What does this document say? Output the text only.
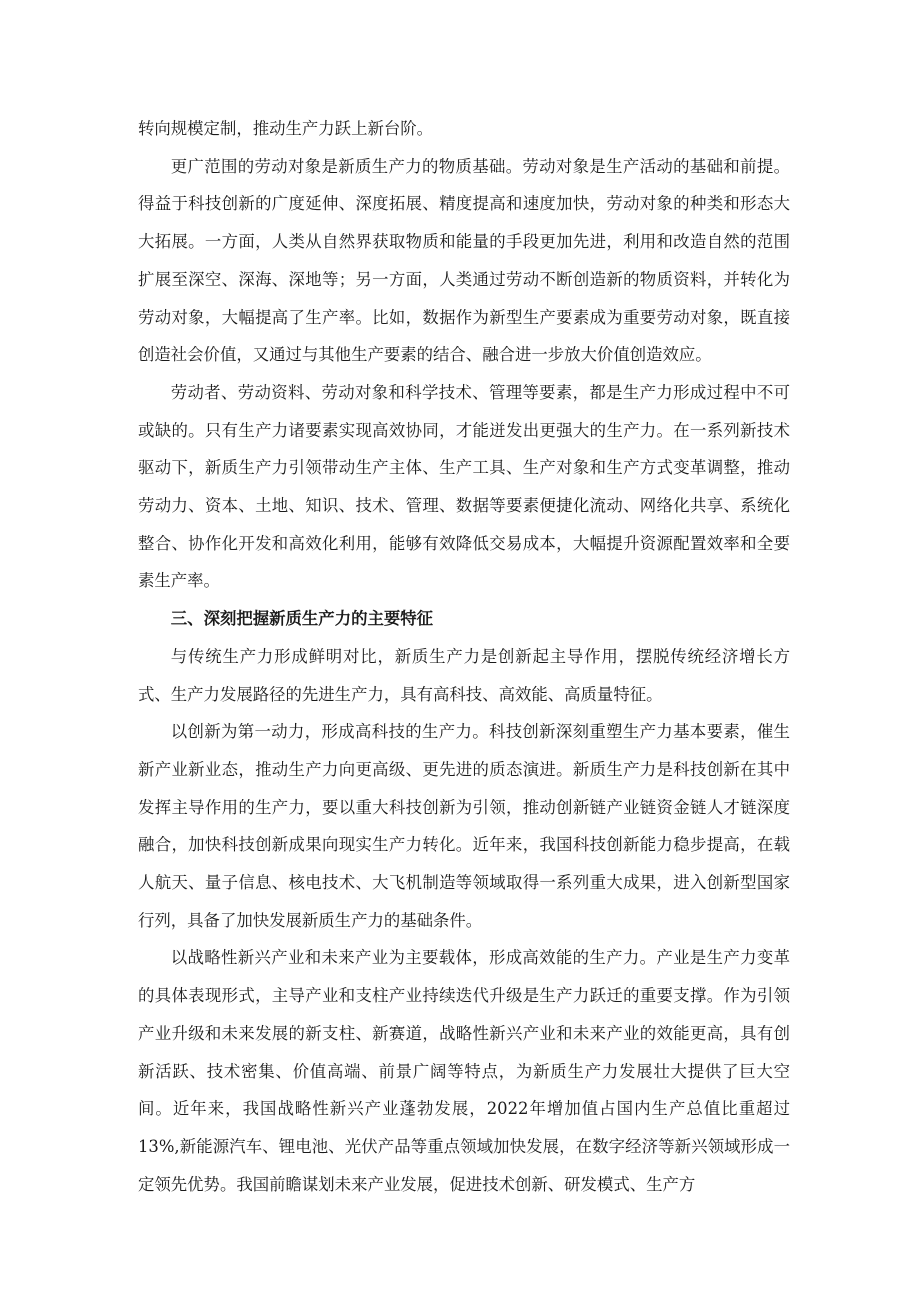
转向规模定制，推动生产力跃上新台阶。

更广范围的劳动对象是新质生产力的物质基础。劳动对象是生产活动的基础和前提。得益于科技创新的广度延伸、深度拓展、精度提高和速度加快，劳动对象的种类和形态大大拓展。一方面，人类从自然界获取物质和能量的手段更加先进，利用和改造自然的范围扩展至深空、深海、深地等；另一方面，人类通过劳动不断创造新的物质资料，并转化为劳动对象，大幅提高了生产率。比如，数据作为新型生产要素成为重要劳动对象，既直接创造社会价值，又通过与其他生产要素的结合、融合进一步放大价值创造效应。

劳动者、劳动资料、劳动对象和科学技术、管理等要素，都是生产力形成过程中不可或缺的。只有生产力诸要素实现高效协同，才能迸发出更强大的生产力。在一系列新技术驱动下，新质生产力引领带动生产主体、生产工具、生产对象和生产方式变革调整，推动劳动力、资本、土地、知识、技术、管理、数据等要素便捷化流动、网络化共享、系统化整合、协作化开发和高效化利用，能够有效降低交易成本，大幅提升资源配置效率和全要素生产率。

三、深刻把握新质生产力的主要特征

与传统生产力形成鲜明对比，新质生产力是创新起主导作用，摆脱传统经济增长方式、生产力发展路径的先进生产力，具有高科技、高效能、高质量特征。

以创新为第一动力，形成高科技的生产力。科技创新深刻重塑生产力基本要素，催生新产业新业态，推动生产力向更高级、更先进的质态演进。新质生产力是科技创新在其中发挥主导作用的生产力，要以重大科技创新为引领，推动创新链产业链资金链人才链深度融合，加快科技创新成果向现实生产力转化。近年来，我国科技创新能力稳步提高，在载人航天、量子信息、核电技术、大飞机制造等领域取得一系列重大成果，进入创新型国家行列，具备了加快发展新质生产力的基础条件。

以战略性新兴产业和未来产业为主要载体，形成高效能的生产力。产业是生产力变革的具体表现形式，主导产业和支柱产业持续迭代升级是生产力跃迁的重要支撑。作为引领产业升级和未来发展的新支柱、新赛道，战略性新兴产业和未来产业的效能更高，具有创新活跃、技术密集、价值高端、前景广阔等特点，为新质生产力发展壮大提供了巨大空间。近年来，我国战略性新兴产业蓬勃发展，2022年增加值占国内生产总值比重超过13%,新能源汽车、锂电池、光伏产品等重点领域加快发展，在数字经济等新兴领域形成一定领先优势。我国前瞻谋划未来产业发展，促进技术创新、研发模式、生产方
